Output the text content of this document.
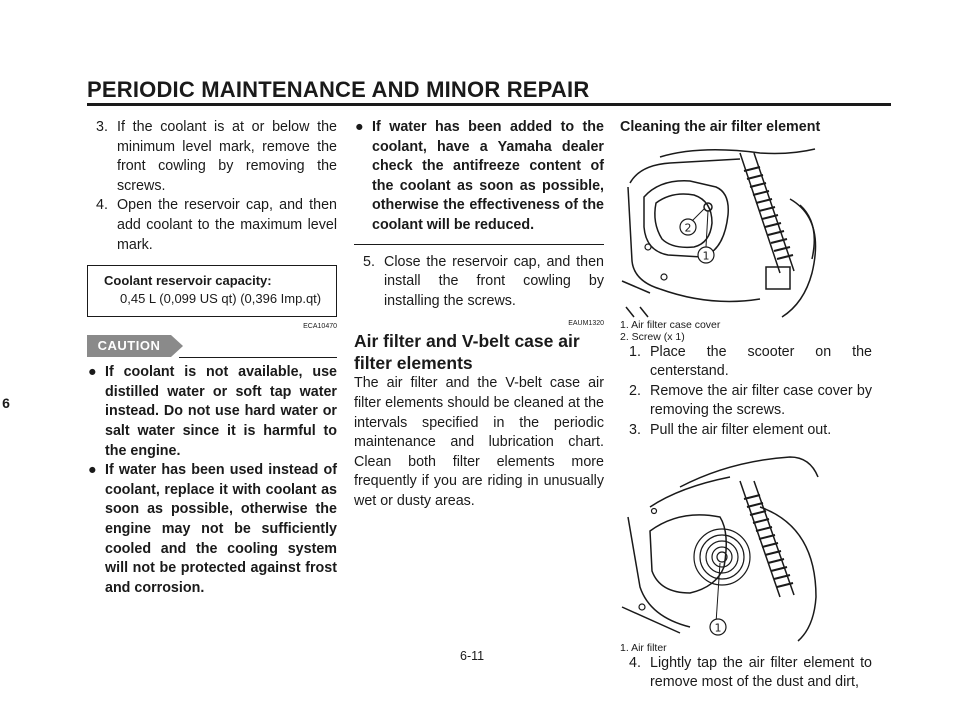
PERIODIC MAINTENANCE AND MINOR REPAIR
6
3. If the coolant is at or below the minimum level mark, remove the front cowling by removing the screws.
4. Open the reservoir cap, and then add coolant to the maximum level mark.
Coolant reservoir capacity:
0,45 L (0,099 US qt) (0,396 Imp.qt)
ECA10470
CAUTION
● If coolant is not available, use distilled water or soft tap water instead. Do not use hard water or salt water since it is harmful to the engine.
● If water has been used instead of coolant, replace it with coolant as soon as possible, otherwise the engine may not be sufficiently cooled and the cooling system will not be protected against frost and corrosion.
● If water has been added to the coolant, have a Yamaha dealer check the antifreeze content of the coolant as soon as possible, otherwise the effectiveness of the coolant will be reduced.
5. Close the reservoir cap, and then install the front cowling by installing the screws.
EAUM1320
Air filter and V-belt case air filter elements
The air filter and the V-belt case air filter elements should be cleaned at the intervals specified in the periodic maintenance and lubrication chart. Clean both filter elements more frequently if you are riding in unusually wet or dusty areas.
Cleaning the air filter element
2
1
1. Air filter case cover
2. Screw (x 1)
1. Place the scooter on the centerstand.
2. Remove the air filter case cover by removing the screws.
3. Pull the air filter element out.
1
1. Air filter
4. Lightly tap the air filter element to remove most of the dust and dirt,
6-11
